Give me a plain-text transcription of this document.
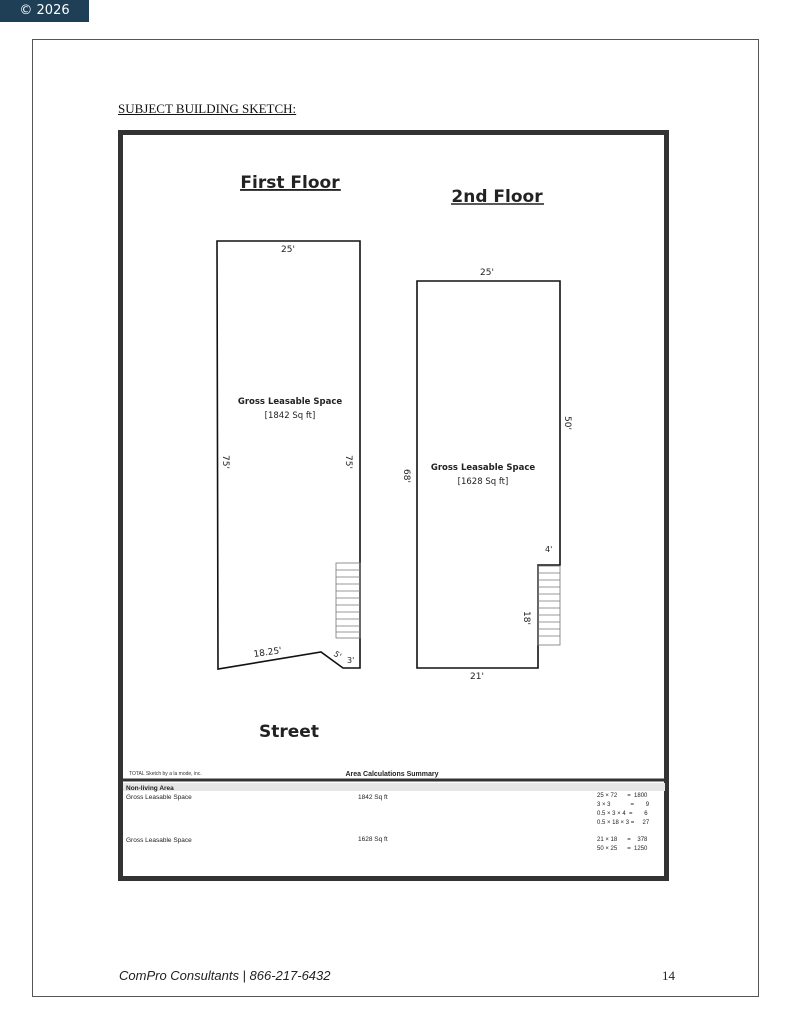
© 2026 CCAR
SUBJECT BUILDING SKETCH:
First Floor
2nd Floor
25'
75'	75'
18.25'	5' 3'
Gross Leasable Space
[1842 Sq ft]
25'
68'
50'
4'
18'
21'
Gross Leasable Space
[1628 Sq ft]
Street
TOTAL Sketch by a la mode, inc.	Area Calculations Summary
Non-living Area
Gross Leasable Space	1842 Sq ft	25 × 72      =  1800
3 × 3            =       9
0.5 × 3 × 4  =       6
0.5 × 18 × 3 =     27
Gross Leasable Space	1628 Sq ft	21 × 18      =    378
50 × 25      =  1250
ComPro Consultants | 866-217-6432	14
